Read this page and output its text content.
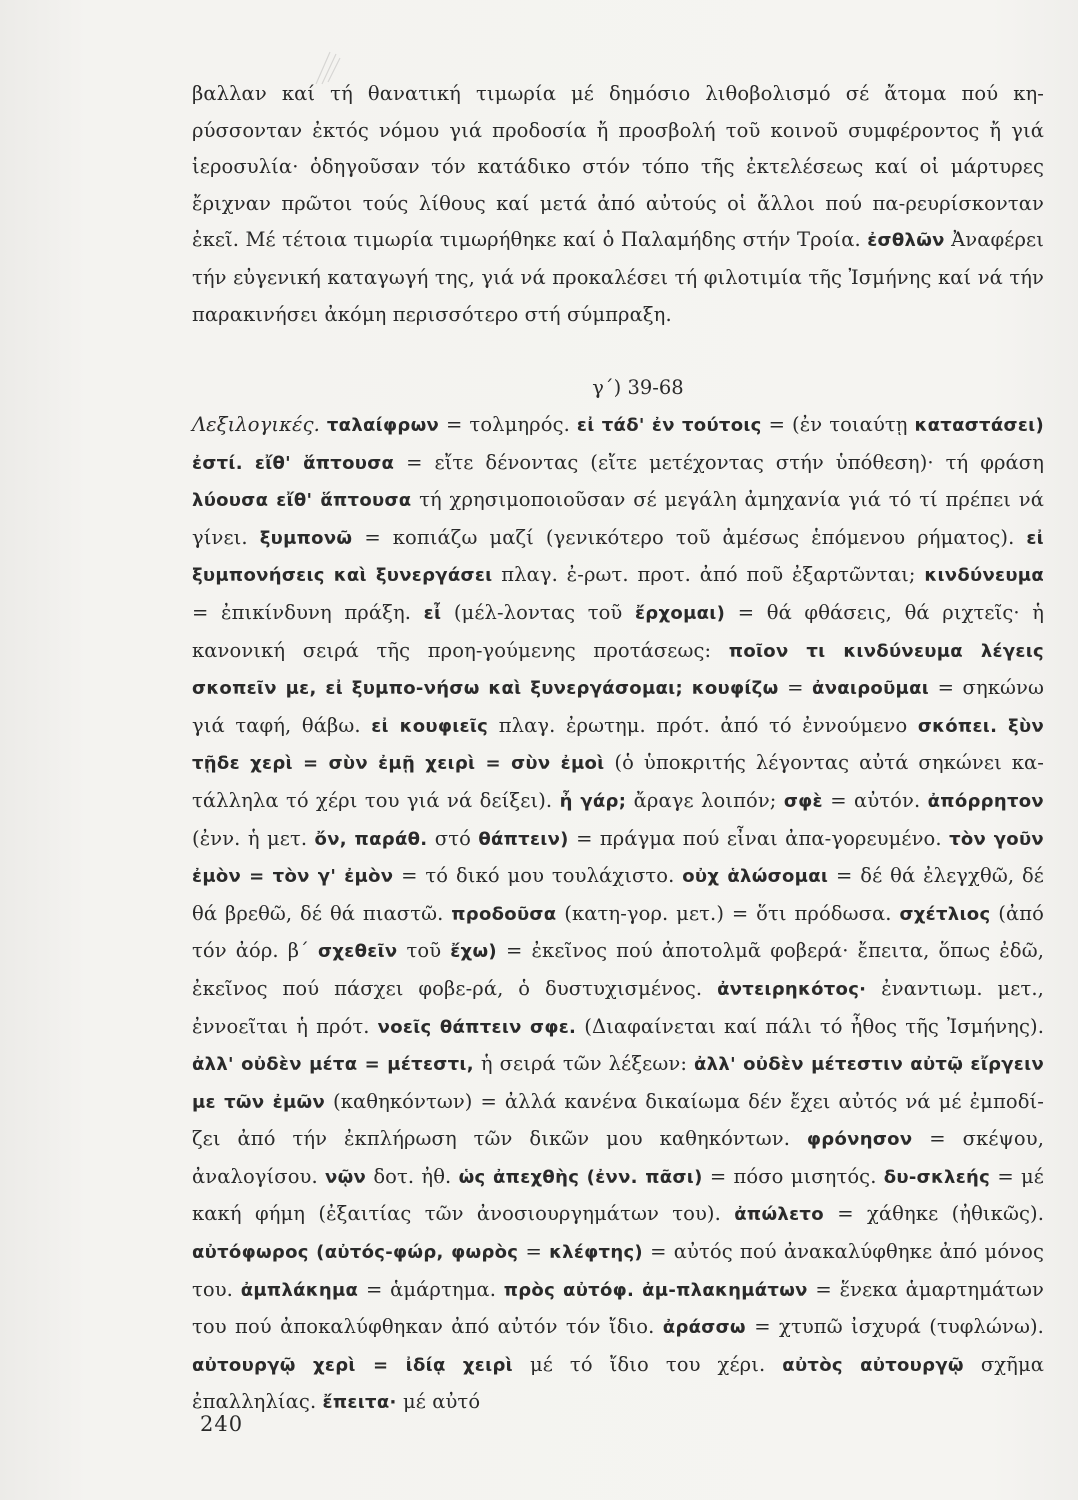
βαλλαν καί τή θανατική τιμωρία μέ δημόσιο λιθοβολισμό σέ ἄτομα πού κη-ρύσσονταν ἐκτός νόμου γιά προδοσία ἤ προσβολή τοῦ κοινοῦ συμφέροντος ἤ γιά ἱεροσυλία· ὁδηγοῦσαν τόν κατάδικο στόν τόπο τῆς ἐκτελέσεως καί οἱ μάρτυρες ἔριχναν πρῶτοι τούς λίθους καί μετά ἀπό αὐτούς οἱ ἄλλοι πού πα-ρευρίσκονταν ἐκεῖ. Μέ τέτοια τιμωρία τιμωρήθηκε καί ὁ Παλαμήδης στήν Τροία. ἐσθλῶν Ἀναφέρει τήν εὐγενική καταγωγή της, γιά νά προκαλέσει τή φιλοτιμία τῆς Ἰσμήνης καί νά τήν παρακινήσει ἀκόμη περισσότερο στή σύμπραξη.

γ΄) 39-68

Λεξιλογικές. ταλαίφρων = τολμηρός. εἰ τάδ' ἐν τούτοις = (ἐν τοιαύτῃ καταστάσει) ἐστί. εἴθ' ἅπτουσα = εἴτε δένοντας (εἴτε μετέχοντας στήν ὑπόθεση)· τή φράση λύουσα εἴθ' ἅπτουσα τή χρησιμοποιοῦσαν σέ μεγάλη ἀμηχανία γιά τό τί πρέπει νά γίνει. ξυμπονῶ = κοπιάζω μαζί (γενικότερο τοῦ ἀμέσως ἑπόμενου ρήματος). εἰ ξυμπονήσεις καὶ ξυνεργάσει πλαγ. ἐ-ρωτ. προτ. ἀπό ποῦ ἐξαρτῶνται; κινδύνευμα = ἐπικίνδυνη πράξη. εἶ (μέλ-λοντας τοῦ ἔρχομαι) = θά φθάσεις, θά ριχτεῖς· ἡ κανονική σειρά τῆς προη-γούμενης προτάσεως: ποῖον τι κινδύνευμα λέγεις σκοπεῖν με, εἰ ξυμπο-νήσω καὶ ξυνεργάσομαι; κουφίζω = ἀναιροῦμαι = σηκώνω γιά ταφή, θάβω. εἰ κουφιεῖς πλαγ. ἐρωτημ. πρότ. ἀπό τό ἐννούμενο σκόπει. ξὺν τῇδε χερὶ = σὺν ἐμῇ χειρὶ = σὺν ἐμοὶ (ὁ ὑποκριτής λέγοντας αὐτά σηκώνει κα-τάλληλα τό χέρι του γιά νά δείξει). ἦ γάρ; ἄραγε λοιπόν; σφὲ = αὐτόν. ἀπόρρητον (ἐνν. ἡ μετ. ὄν, παράθ. στό θάπτειν) = πράγμα πού εἶναι ἀπα-γορευμένο. τὸν γοῦν ἐμὸν = τὸν γ' ἐμὸν = τό δικό μου τουλάχιστο. οὐχ ἁλώσομαι = δέ θά ἐλεγχθῶ, δέ θά βρεθῶ, δέ θά πιαστῶ. προδοῦσα (κατη-γορ. μετ.) = ὅτι πρόδωσα. σχέτλιος (ἀπό τόν ἀόρ. β΄ σχεθεῖν τοῦ ἔχω) = ἐκεῖνος πού ἀποτολμᾶ φοβερά· ἔπειτα, ὅπως ἐδῶ, ἐκεῖνος πού πάσχει φοβε-ρά, ὁ δυστυχισμένος. ἀντειρηκότος· ἐναντιωμ. μετ., ἐννοεῖται ἡ πρότ. νοεῖς θάπτειν σφε. (Διαφαίνεται καί πάλι τό ἦθος τῆς Ἰσμήνης). ἀλλ' οὐδὲν μέτα = μέτεστι, ἡ σειρά τῶν λέξεων: ἀλλ' οὐδὲν μέτεστιν αὐτῷ εἴργειν με τῶν ἐμῶν (καθηκόντων) = ἀλλά κανένα δικαίωμα δέν ἔχει αὐτός νά μέ ἐμποδί-ζει ἀπό τήν ἐκπλήρωση τῶν δικῶν μου καθηκόντων. φρόνησον = σκέψου, ἀναλογίσου. νῷν δοτ. ἠθ. ὡς ἀπεχθὴς (ἐνν. πᾶσι) = πόσο μισητός. δυ-σκλεής = μέ κακή φήμη (ἐξαιτίας τῶν ἀνοσιουργημάτων του). ἀπώλετο = χάθηκε (ἠθικῶς). αὐτόφωρος (αὐτός-φώρ, φωρὸς = κλέφτης) = αὐτός πού ἀνακαλύφθηκε ἀπό μόνος του. ἀμπλάκημα = ἁμάρτημα. πρὸς αὐτόφ. ἀμ-πλακημάτων = ἕνεκα ἁμαρτημάτων του πού ἀποκαλύφθηκαν ἀπό αὐτόν τόν ἴδιο. ἀράσσω = χτυπῶ ἰσχυρά (τυφλώνω). αὐτουργῷ χερὶ = ἰδίᾳ χειρὶ μέ τό ἴδιο του χέρι. αὐτὸς αὐτουργῷ σχῆμα ἐπαλληλίας. ἔπειτα· μέ αὐτό

240
